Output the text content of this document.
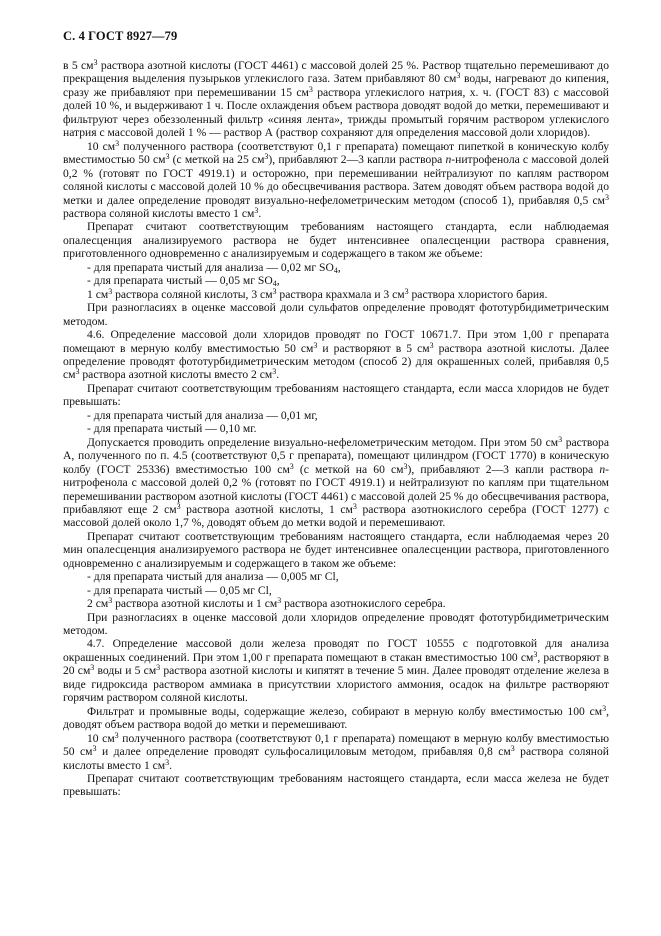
С. 4 ГОСТ 8927—79

в 5 $см^3$ раствора азотной кислоты (ГОСТ 4461) с массовой долей 25 %. Раствор тщательно перемешивают до прекращения выделения пузырьков углекислого газа. Затем прибавляют 80 $см^3$ воды, нагревают до кипения, сразу же прибавляют при перемешивании 15 $см^3$ раствора углекислого натрия, х. ч. (ГОСТ 83) с массовой долей 10 %, и выдерживают 1 ч. После охлаждения объем раствора доводят водой до метки, перемешивают и фильтруют через обеззоленный фильтр «синяя лента», трижды промытый горячим раствором углекислого натрия с массовой долей 1 % — раствор А (раствор сохраняют для определения массовой доли хлоридов).

10 $см^3$ полученного раствора (соответствуют 0,1 г препарата) помещают пипеткой в коническую колбу вместимостью 50 $см^3$ (с меткой на 25 $см^3$), прибавляют 2—3 капли раствора п-нитрофенола с массовой долей 0,2 % (готовят по ГОСТ 4919.1) и осторожно, при перемешивании нейтрализуют по каплям раствором соляной кислоты с массовой долей 10 % до обесцвечивания раствора. Затем доводят объем раствора водой до метки и далее определение проводят визуально-нефелометрическим методом (способ 1), прибавляя 0,5 $см^3$ раствора соляной кислоты вместо 1 $см^3$.

Препарат считают соответствующим требованиям настоящего стандарта, если наблюдаемая опалесценция анализируемого раствора не будет интенсивнее опалесценции раствора сравнения, приготовленного одновременно с анализируемым и содержащего в таком же объеме:

- для препарата чистый для анализа — 0,02 мг $SO_4$,

- для препарата чистый — 0,05 мг $SO_4$,

1 $см^3$ раствора соляной кислоты, 3 $см^3$ раствора крахмала и 3 $см^3$ раствора хлористого бария.

При разногласиях в оценке массовой доли сульфатов определение проводят фототурбидиметрическим методом.

4.6. Определение массовой доли хлоридов проводят по ГОСТ 10671.7. При этом 1,00 г препарата помещают в мерную колбу вместимостью 50 $см^3$ и растворяют в 5 $см^3$ раствора азотной кислоты. Далее определение проводят фототурбидиметрическим методом (способ 2) для окрашенных солей, прибавляя 0,5 $см^3$ раствора азотной кислоты вместо 2 $см^3$.

Препарат считают соответствующим требованиям настоящего стандарта, если масса хлоридов не будет превышать:

- для препарата чистый для анализа — 0,01 мг,

- для препарата чистый — 0,10 мг.

Допускается проводить определение визуально-нефелометрическим методом. При этом 50 $см^3$ раствора А, полученного по п. 4.5 (соответствуют 0,5 г препарата), помещают цилиндром (ГОСТ 1770) в коническую колбу (ГОСТ 25336) вместимостью 100 $см^3$ (с меткой на 60 $см^3$), прибавляют 2—3 капли раствора п-нитрофенола с массовой долей 0,2 % (готовят по ГОСТ 4919.1) и нейтрализуют по каплям при тщательном перемешивании раствором азотной кислоты (ГОСТ 4461) с массовой долей 25 % до обесцвечивания раствора, прибавляют еще 2 $см^3$ раствора азотной кислоты, 1 $см^3$ раствора азотнокислого серебра (ГОСТ 1277) с массовой долей около 1,7 %, доводят объем до метки водой и перемешивают.

Препарат считают соответствующим требованиям настоящего стандарта, если наблюдаемая через 20 мин опалесценция анализируемого раствора не будет интенсивнее опалесценции раствора, приготовленного одновременно с анализируемым и содержащего в таком же объеме:

- для препарата чистый для анализа — 0,005 мг Cl,

- для препарата чистый — 0,05 мг Cl,

2 $см^3$ раствора азотной кислоты и 1 $см^3$ раствора азотнокислого серебра.

При разногласиях в оценке массовой доли хлоридов определение проводят фототурбидиметрическим методом.

4.7. Определение массовой доли железа проводят по ГОСТ 10555 с подготовкой для анализа окрашенных соединений. При этом 1,00 г препарата помещают в стакан вместимостью 100 $см^3$, растворяют в 20 $см^3$ воды и 5 $см^3$ раствора азотной кислоты и кипятят в течение 5 мин. Далее проводят отделение железа в виде гидроксида раствором аммиака в присутствии хлористого аммония, осадок на фильтре растворяют горячим раствором соляной кислоты.

Фильтрат и промывные воды, содержащие железо, собирают в мерную колбу вместимостью 100 $см^3$, доводят объем раствора водой до метки и перемешивают.

10 $см^3$ полученного раствора (соответствуют 0,1 г препарата) помещают в мерную колбу вместимостью 50 $см^3$ и далее определение проводят сульфосалициловым методом, прибавляя 0,8 $см^3$ раствора соляной кислоты вместо 1 $см^3$.

Препарат считают соответствующим требованиям настоящего стандарта, если масса железа не будет превышать:
